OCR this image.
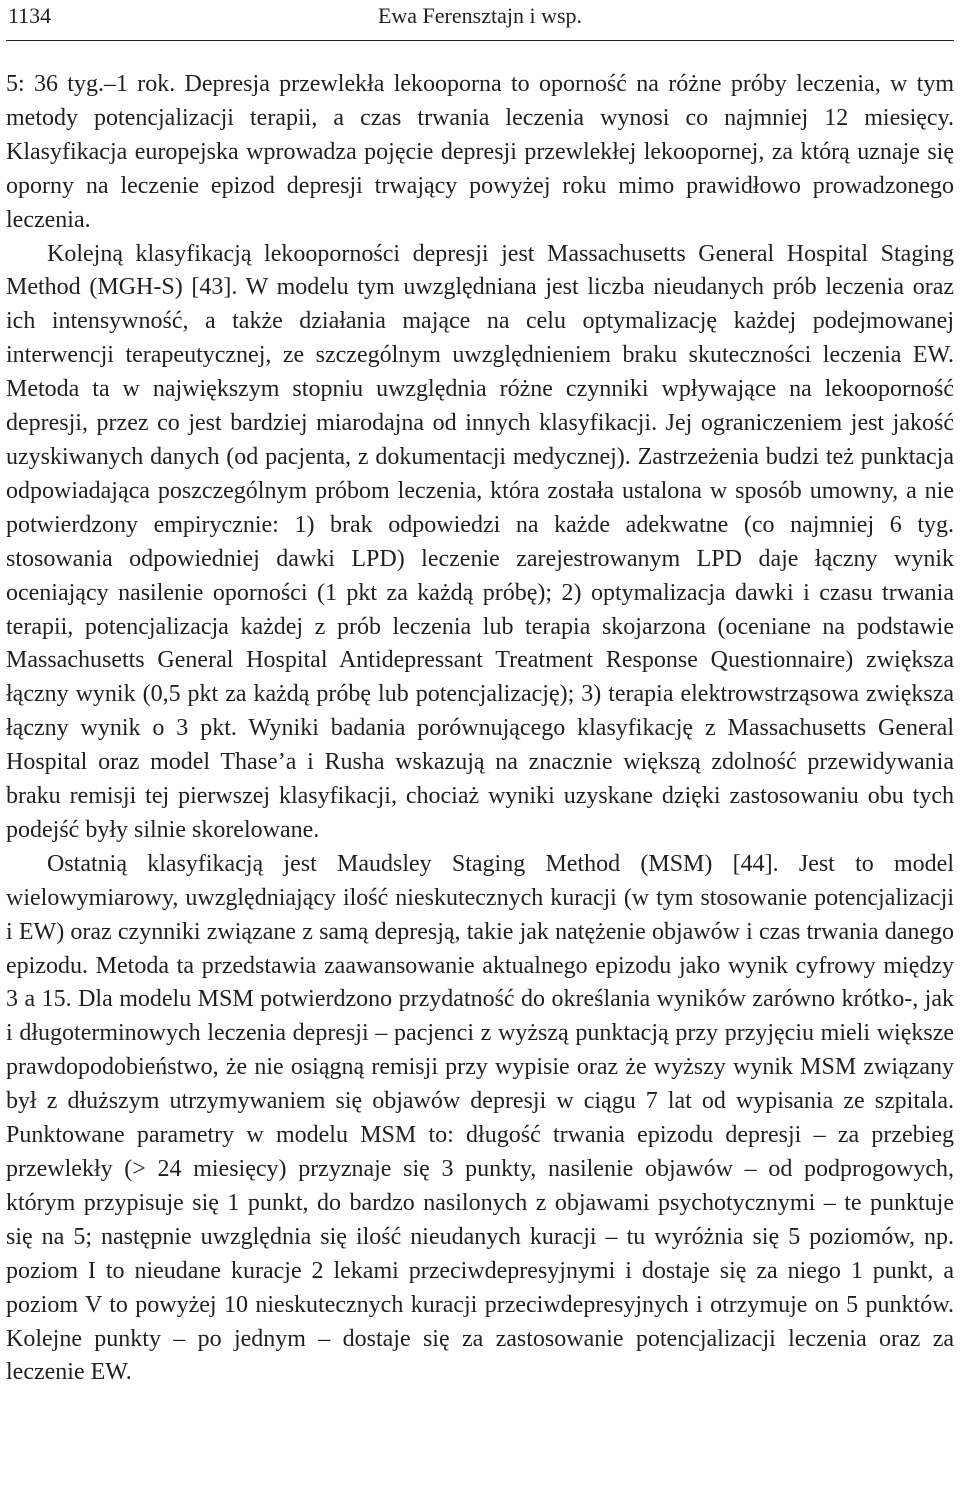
1134	Ewa Ferensztajn i wsp.

5: 36 tyg.–1 rok. Depresja przewlekła lekooporna to oporność na różne próby leczenia, w tym metody potencjalizacji terapii, a czas trwania leczenia wynosi co najmniej 12 miesięcy. Klasyfikacja europejska wprowadza pojęcie depresji przewlekłej lekoopornej, za którą uznaje się oporny na leczenie epizod depresji trwający powyżej roku mimo prawidłowo prowadzonego leczenia.

Kolejną klasyfikacją lekooporności depresji jest Massachusetts General Hospital Staging Method (MGH-S) [43]. W modelu tym uwzględniana jest liczba nieudanych prób leczenia oraz ich intensywność, a także działania mające na celu optymalizację każdej podejmowanej interwencji terapeutycznej, ze szczególnym uwzględnieniem braku skuteczności leczenia EW. Metoda ta w największym stopniu uwzględnia różne czynniki wpływające na lekooporność depresji, przez co jest bardziej miarodajna od innych klasyfikacji. Jej ograniczeniem jest jakość uzyskiwanych danych (od pacjenta, z dokumentacji medycznej). Zastrzeżenia budzi też punktacja odpowiadająca poszczególnym próbom leczenia, która została ustalona w sposób umowny, a nie potwierdzony empirycznie: 1) brak odpowiedzi na każde adekwatne (co najmniej 6 tyg. stosowania odpowiedniej dawki LPD) leczenie zarejestrowanym LPD daje łączny wynik oceniający nasilenie oporności (1 pkt za każdą próbę); 2) optymalizacja dawki i czasu trwania terapii, potencjalizacja każdej z prób leczenia lub terapia skojarzona (oceniane na podstawie Massachusetts General Hospital Antidepressant Treatment Response Questionnaire) zwiększa łączny wynik (0,5 pkt za każdą próbę lub potencjalizację); 3) terapia elektrowstrząsowa zwiększa łączny wynik o 3 pkt. Wyniki badania porównującego klasyfikację z Massachusetts General Hospital oraz model Thase’a i Rusha wskazują na znacznie większą zdolność przewidywania braku remisji tej pierwszej klasyfikacji, chociaż wyniki uzyskane dzięki zastosowaniu obu tych podejść były silnie skorelowane.

Ostatnią klasyfikacją jest Maudsley Staging Method (MSM) [44]. Jest to model wielowymiarowy, uwzględniający ilość nieskutecznych kuracji (w tym stosowanie potencjalizacji i EW) oraz czynniki związane z samą depresją, takie jak natężenie objawów i czas trwania danego epizodu. Metoda ta przedstawia zaawansowanie aktualnego epizodu jako wynik cyfrowy między 3 a 15. Dla modelu MSM potwierdzono przydatność do określania wyników zarówno krótko-, jak i długoterminowych leczenia depresji – pacjenci z wyższą punktacją przy przyjęciu mieli większe prawdopodobieństwo, że nie osiągną remisji przy wypisie oraz że wyższy wynik MSM związany był z dłuższym utrzymywaniem się objawów depresji w ciągu 7 lat od wypisania ze szpitala. Punktowane parametry w modelu MSM to: długość trwania epizodu depresji – za przebieg przewlekły (> 24 miesięcy) przyznaje się 3 punkty, nasilenie objawów – od podprogowych, którym przypisuje się 1 punkt, do bardzo nasilonych z objawami psychotycznymi – te punktuje się na 5; następnie uwzględnia się ilość nieudanych kuracji – tu wyróżnia się 5 poziomów, np. poziom I to nieudane kuracje 2 lekami przeciwdepresyjnymi i dostaje się za niego 1 punkt, a poziom V to powyżej 10 nieskutecznych kuracji przeciwdepresyjnych i otrzymuje on 5 punktów. Kolejne punkty – po jednym – dostaje się za zastosowanie potencjalizacji leczenia oraz za leczenie EW.
